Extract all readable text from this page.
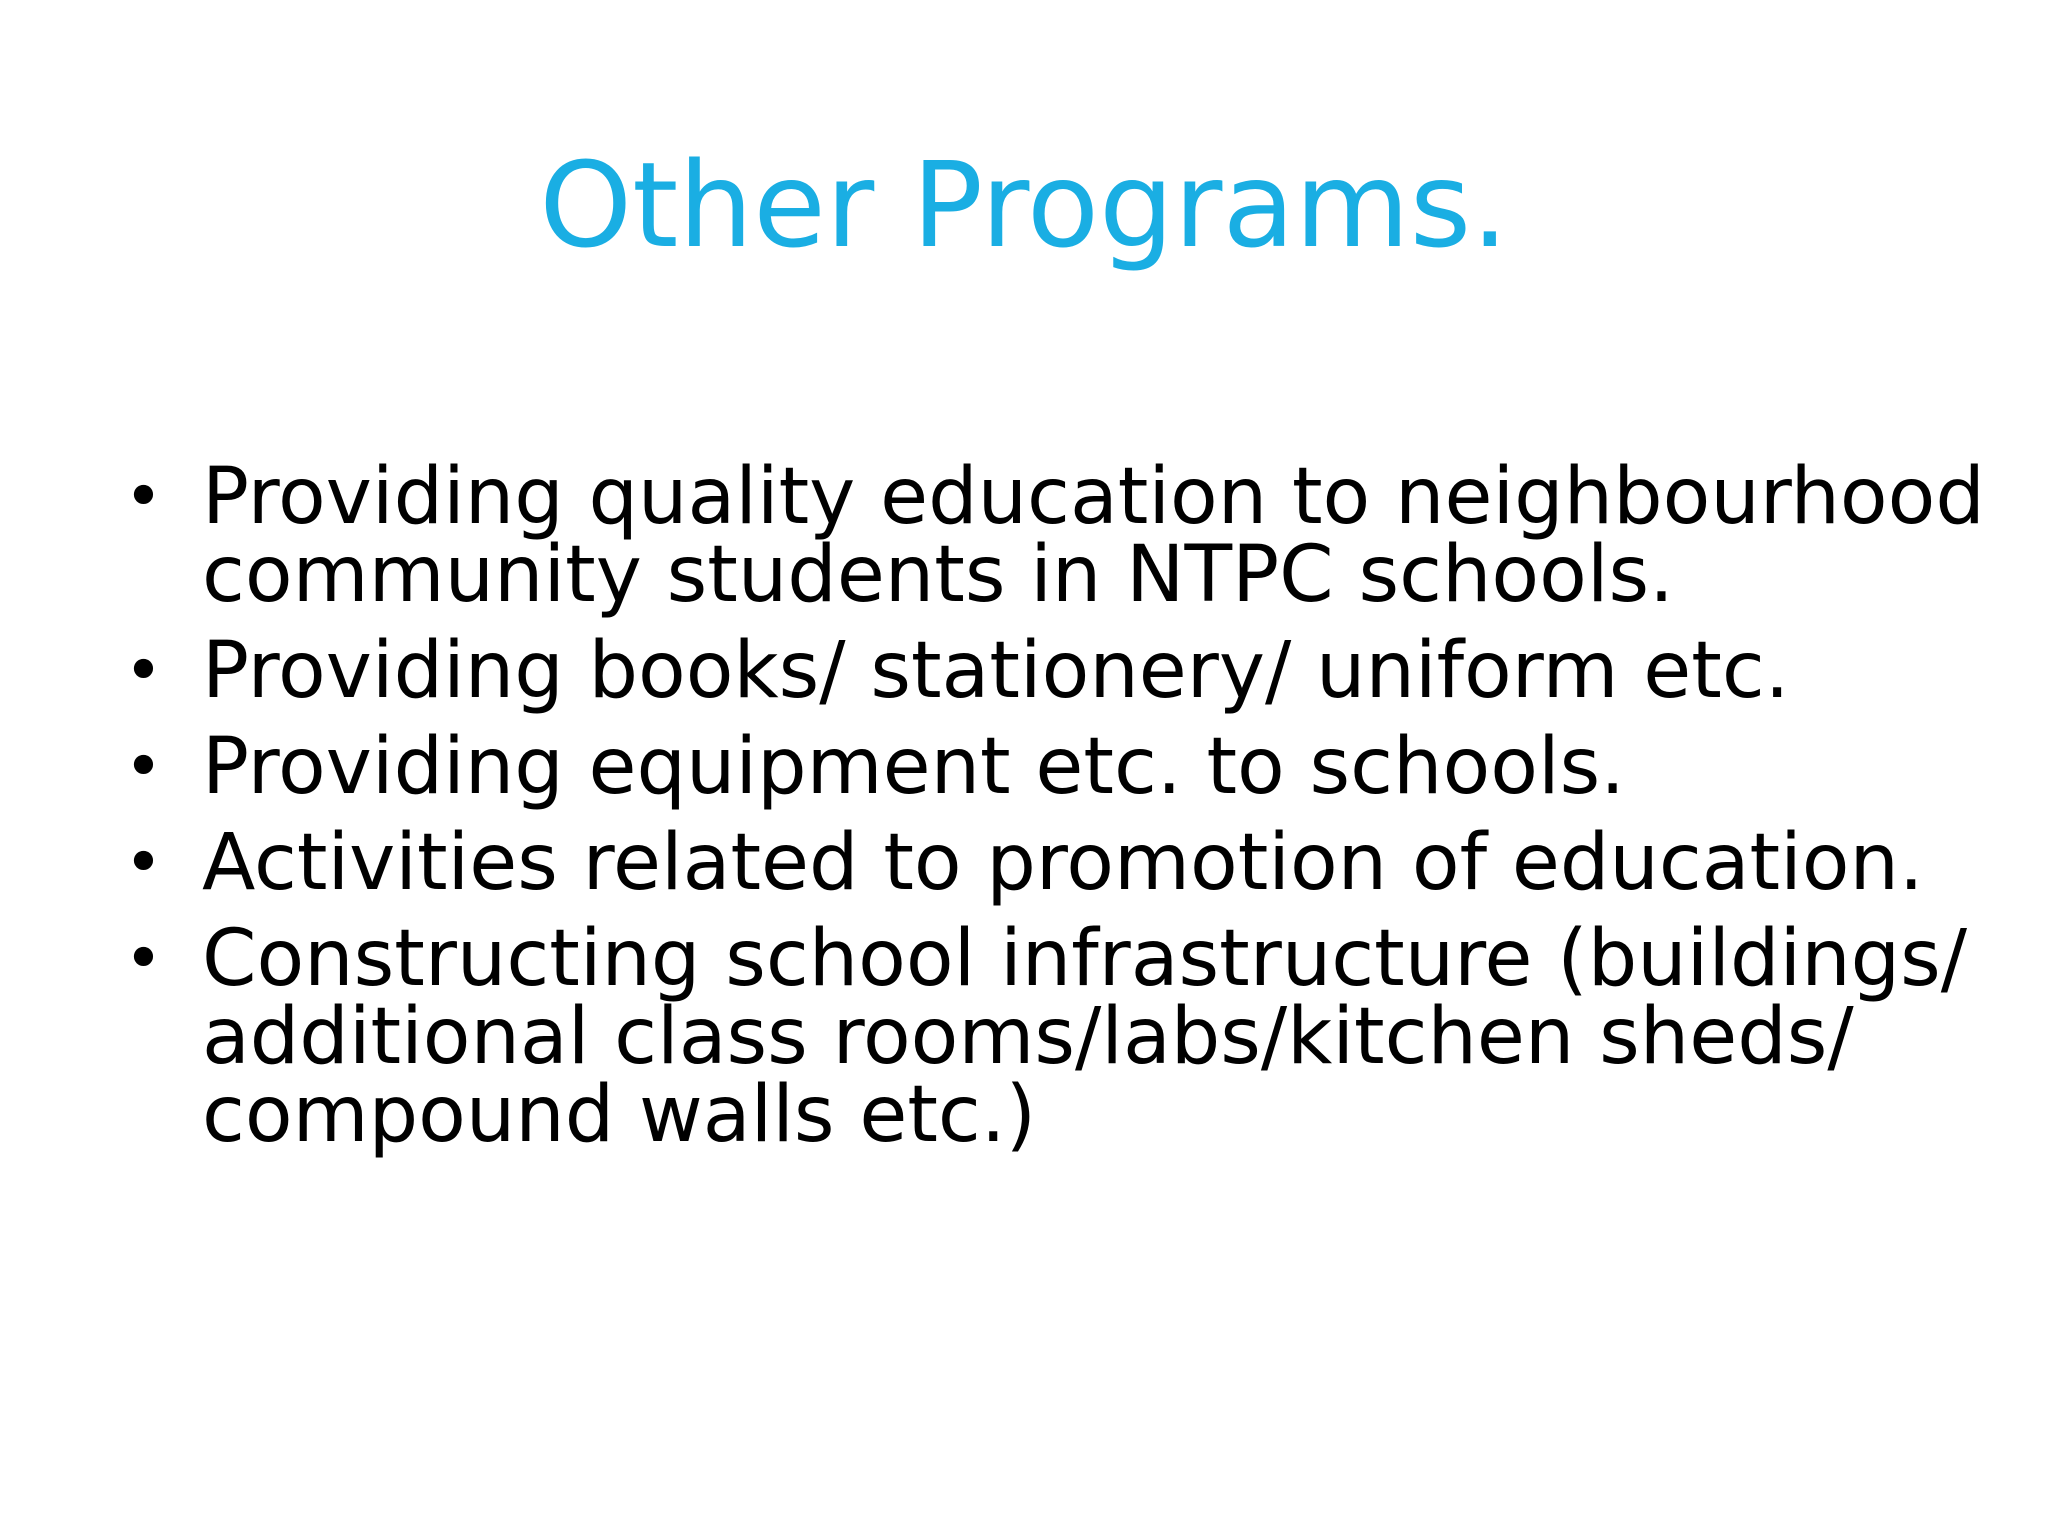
Other Programs.
• Providing quality education to neighbourhood
community students in NTPC schools.
• Providing books/ stationery/ uniform etc.
• Providing equipment etc. to schools.
• Activities related to promotion of education.
• Constructing school infrastructure (buildings/
additional class rooms/labs/kitchen sheds/
compound walls etc.)
